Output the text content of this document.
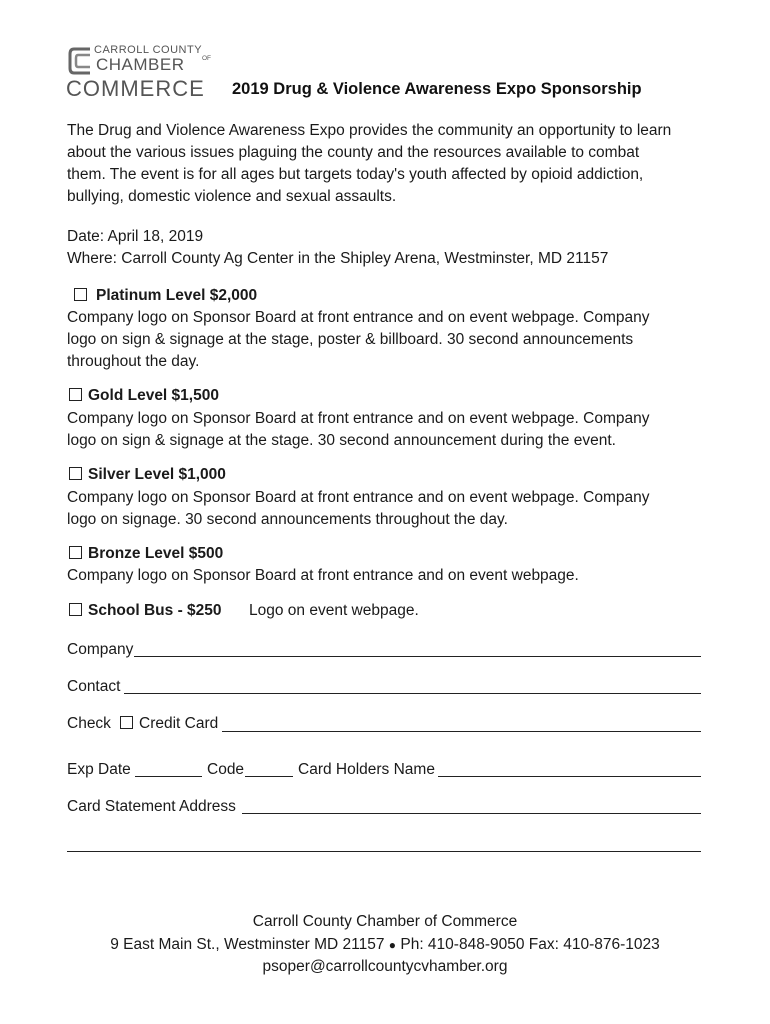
CARROLL COUNTY
CHAMBER	OF
COMMERCE 2019 Drug & Violence Awareness Expo Sponsorship
The Drug and Violence Awareness Expo provides the community an opportunity to learn
about the various issues plaguing the county and the resources available to combat
them. The event is for all ages but targets today's youth affected by opioid addiction,
bullying, domestic violence and sexual assaults.
Date: April 18, 2019
Where: Carroll County Ag Center in the Shipley Arena, Westminster, MD 21157
Platinum Level $2,000
Company logo on Sponsor Board at front entrance and on event webpage. Company
logo on sign & signage at the stage, poster & billboard. 30 second announcements
throughout the day.
Gold Level $1,500
Company logo on Sponsor Board at front entrance and on event webpage. Company
logo on sign & signage at the stage. 30 second announcement during the event.
Silver Level $1,000
Company logo on Sponsor Board at front entrance and on event webpage. Company
logo on signage. 30 second announcements throughout the day.
Bronze Level $500
Company logo on Sponsor Board at front entrance and on event webpage.
School Bus - $250 Logo on event webpage.
Company
Contact
Check	Credit Card
Exp Date	Code	Card Holders Name
Card Statement Address
Carroll County Chamber of Commerce
9 East Main St., Westminster MD 21157 ● Ph: 410-848-9050 Fax: 410-876-1023
psoper@carrollcountycvhamber.org
